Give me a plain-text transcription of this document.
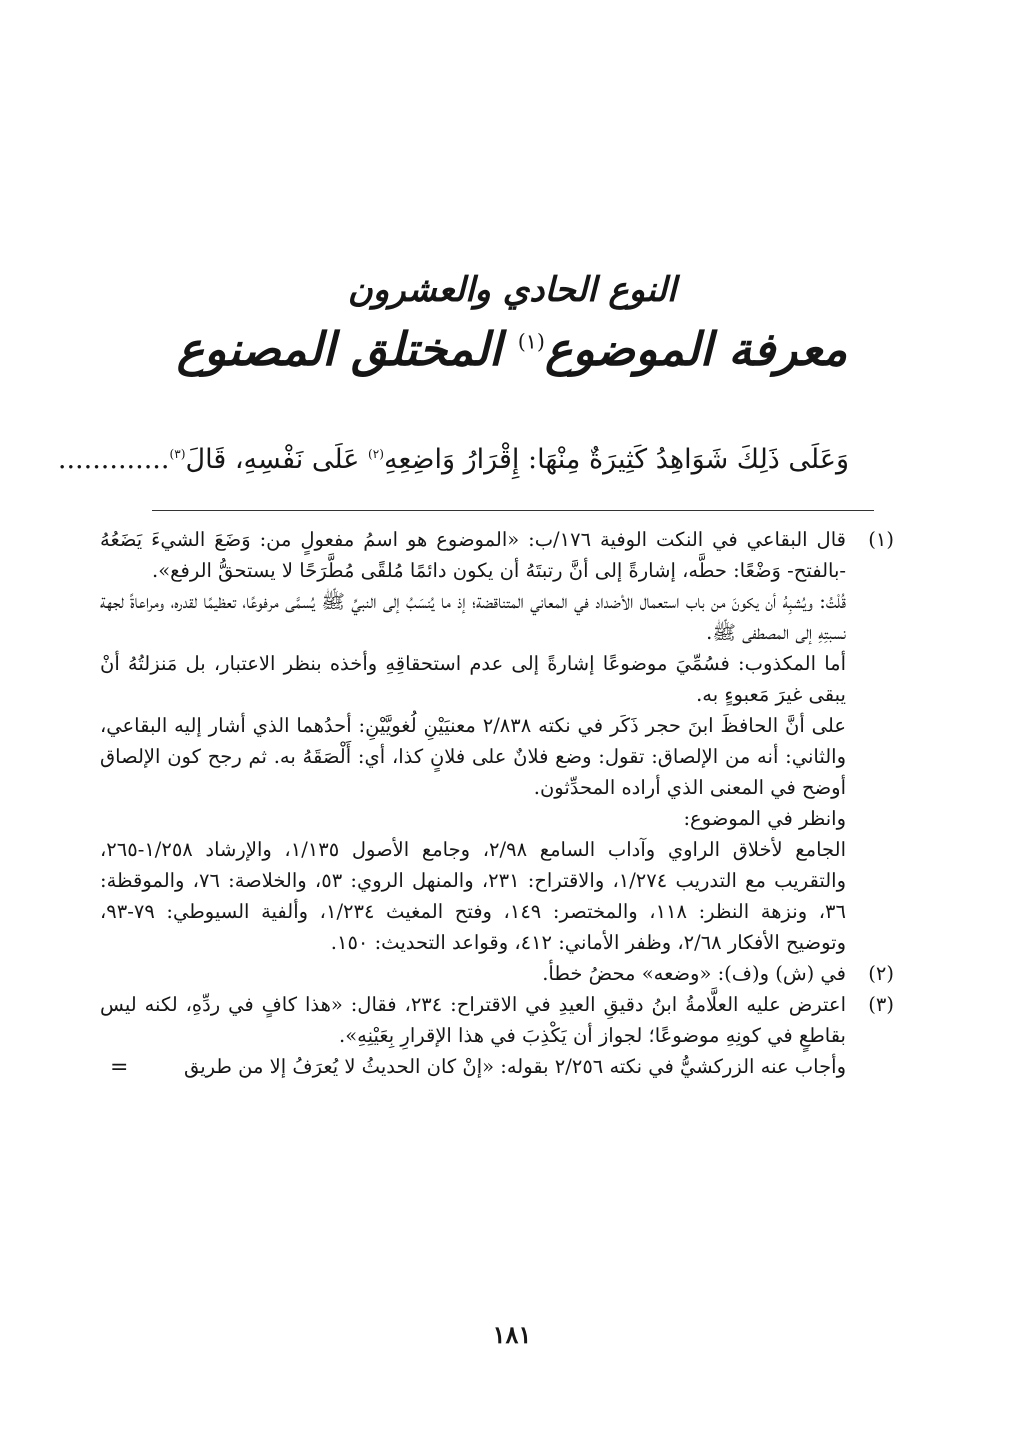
النوع الحادي والعشرون
معرفة الموضوع$^{(١)}$ المختلق المصنوع
وَعَلَى ذَلِكَ شَوَاهِدُ كَثِيرَةٌ مِنْهَا: إِقْرَارُ وَاضِعِهِ$^{(٢)}$ عَلَى نَفْسِهِ، قَالَ$^{(٣)}$.............
(١)

قال البقاعي في النكت الوفية ١٧٦/ب: «الموضوع هو اسمُ مفعولٍ من: وَضَعَ الشيءَ يَضَعُهُ -بالفتح- وَضْعًا: حطَّه، إشارةً إلى أنَّ رتبتَهُ أن يكون دائمًا مُلقًى مُطَّرَحًا لا يستحقُّ الرفع».

قُلْتُ: ويُشبِهُ أن يكونَ من باب استعمال الأضداد في المعاني المتناقضة؛ إذ ما يُنسَبُ إلى النبيِّ ﷺ يُسمَّى مرفوعًا، تعظيمًا لقدره، ومراعاةً لجهة نسبتِهِ إلى المصطفى ﷺ.

أما المكذوب: فسُمِّيَ موضوعًا إشارةً إلى عدم استحقاقِهِ وأخذه بنظر الاعتبار، بل مَنزلتُهُ أنْ يبقى غيرَ مَعبوءٍ به.

على أنَّ الحافظَ ابنَ حجر ذَكَر في نكته ٢/٨٣٨ معنيَيْنِ لُغويَّيْنِ: أحدُهما الذي أشار إليه البقاعي، والثاني: أنه من الإلصاق: تقول: وضع فلانٌ على فلانٍ كذا، أي: أَلْصَقَهُ به. ثم رجح كون الإلصاق أوضح في المعنى الذي أراده المحدِّثون.

وانظر في الموضوع:

الجامع لأخلاق الراوي وآداب السامع ٢/٩٨، وجامع الأصول ١/١٣٥، والإرشاد ١/٢٥٨-٢٦٥، والتقريب مع التدريب ١/٢٧٤، والاقتراح: ٢٣١، والمنهل الروي: ٥٣، والخلاصة: ٧٦، والموقظة: ٣٦، ونزهة النظر: ١١٨، والمختصر: ١٤٩، وفتح المغيث ١/٢٣٤، وألفية السيوطي: ٧٩-٩٣، وتوضيح الأفكار ٢/٦٨، وظفر الأماني: ٤١٢، وقواعد التحديث: ١٥٠.

(٢)

في (ش) و(ف): «وضعه» محضُ خطأ.

(٣)

اعترض عليه العلَّامةُ ابنُ دقيقِ العيدِ في الاقتراح: ٢٣٤، فقال: «هذا كافٍ في ردِّهِ، لكنه ليس بقاطعٍ في كونِهِ موضوعًا؛ لجواز أن يَكْذِبَ في هذا الإقرارِ بِعَيْنِهِ».

وأجاب عنه الزركشيُّ في نكته ٢/٢٥٦ بقوله: «إنْ كان الحديثُ لا يُعرَفُ إلا من طريق
=
١٨١
